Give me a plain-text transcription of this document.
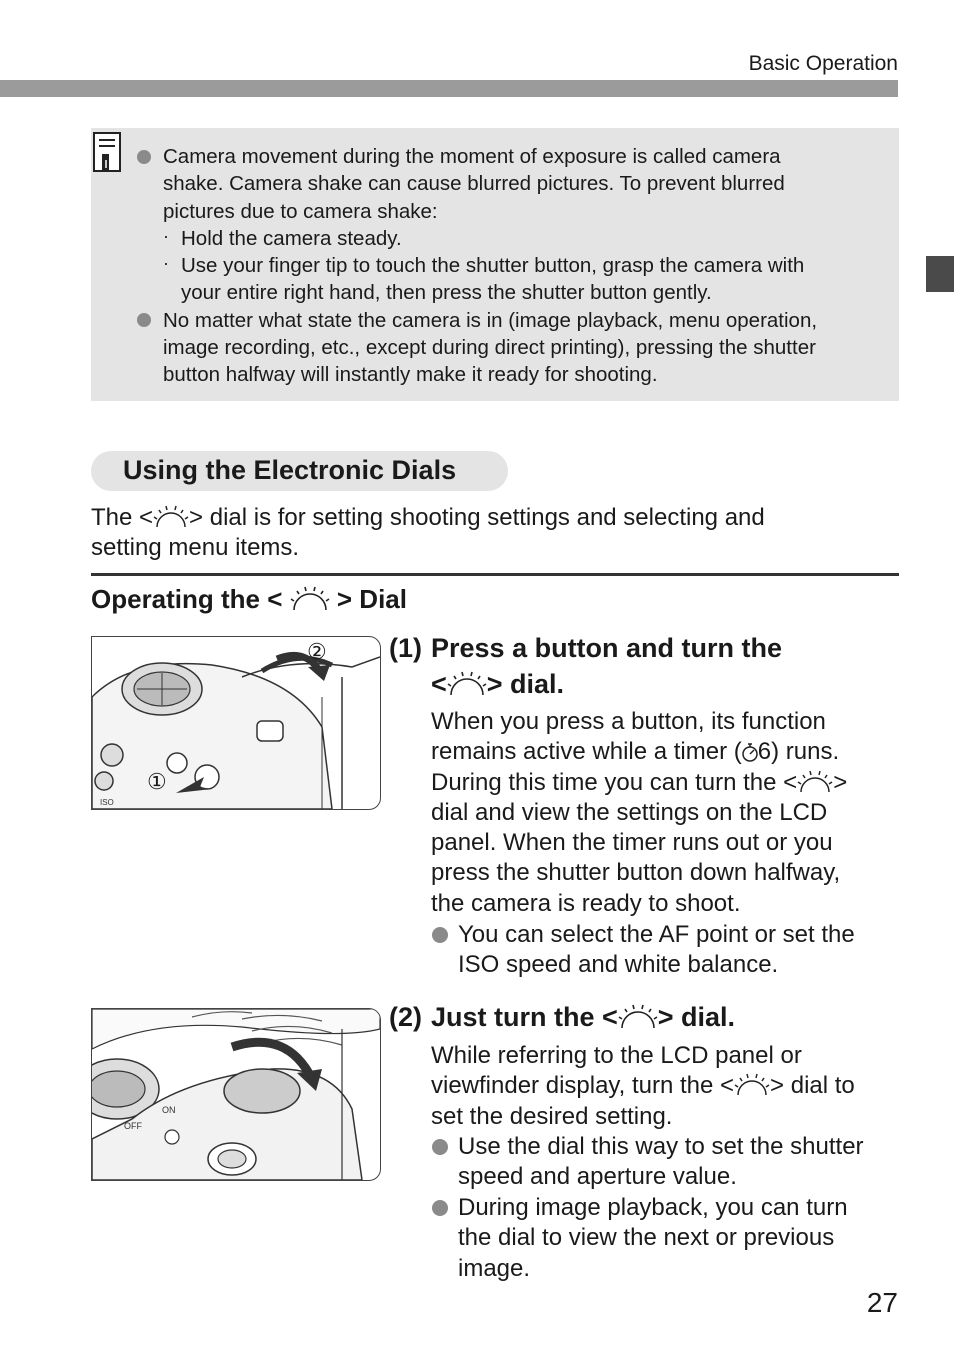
Basic Operation

Camera movement during the moment of exposure is called camera

shake. Camera shake can cause blurred pictures. To prevent blurred

pictures due to camera shake:

· Hold the camera steady.

· Use your finger tip to touch the shutter button, grasp the camera with

your entire right hand, then press the shutter button gently.

No matter what state the camera is in (image playback, menu operation,

image recording, etc., except during direct printing), pressing the shutter

button halfway will instantly make it ready for shooting.

Using the Electronic Dials

The < > dial is for setting shooting settings and selecting and
setting menu items.

Operating the < > Dial
ISO
②
①
(1) Press a button and turn the
< > dial.
When you press a button, its function
remains active while a timer ( 6) runs.
During this time you can turn the < >
dial and view the settings on the LCD
panel. When the timer runs out or you
press the shutter button down halfway,
the camera is ready to shoot.
You can select the AF point or set the
ISO speed and white balance.
ON
OFF
(2) Just turn the < > dial.
While referring to the LCD panel or
viewfinder display, turn the < > dial to
set the desired setting.
Use the dial this way to set the shutter
speed and aperture value.
During image playback, you can turn
the dial to view the next or previous
image.
27
